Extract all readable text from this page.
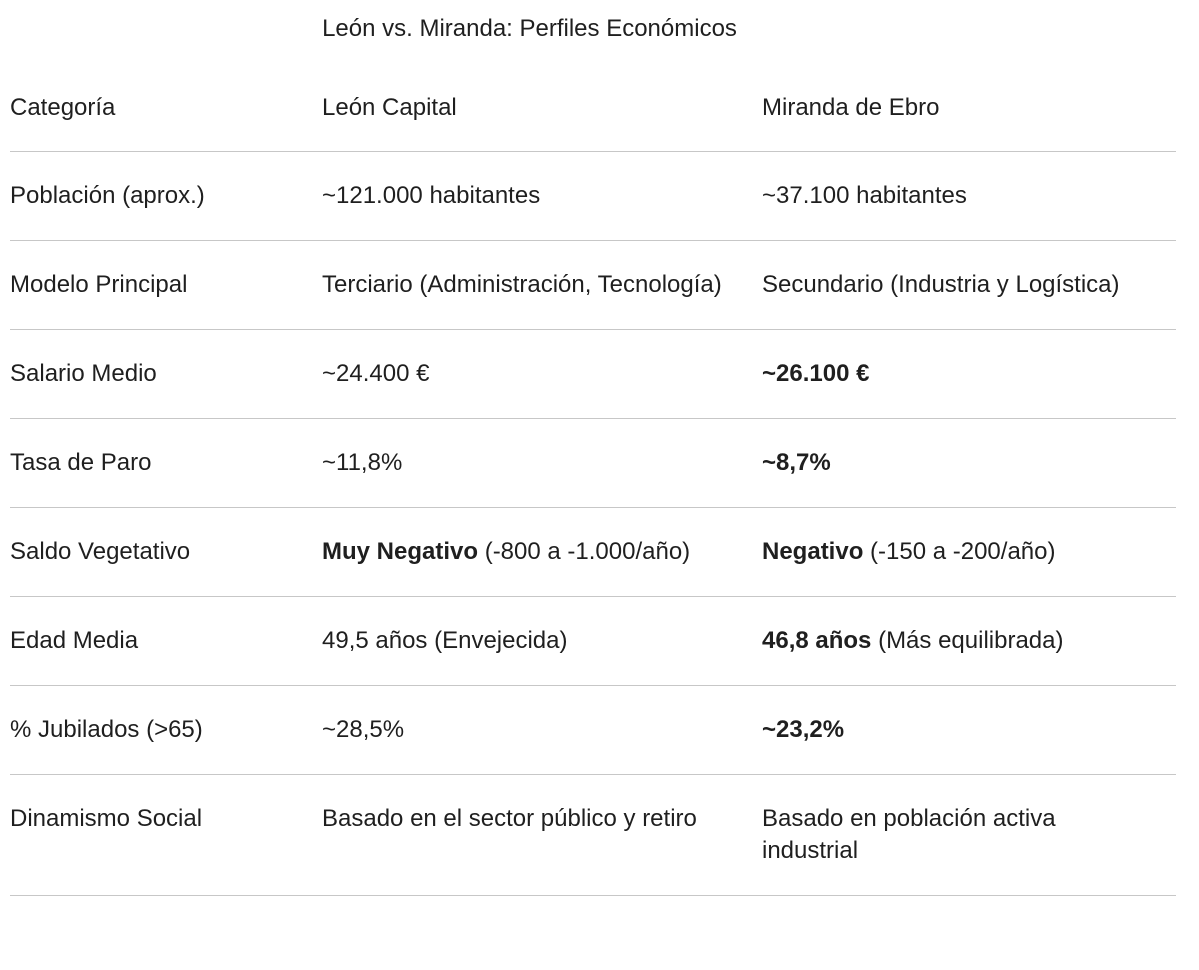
León vs. Miranda: Perfiles Económicos
Categoría	León Capital	Miranda de Ebro
Población (aprox.)	~121.000 habitantes	~37.100 habitantes

Modelo Principal	Terciario (Administración, Tecnología)	Secundario (Industria y Logística)

Salario Medio	~24.400 €	~26.100 €

Tasa de Paro	~11,8%	~8,7%

Saldo Vegetativo	Muy Negativo (-800 a -1.000/año)	Negativo (-150 a -200/año)

Edad Media	49,5 años (Envejecida)	46,8 años (Más equilibrada)

% Jubilados (>65)	~28,5%	~23,2%

Dinamismo Social	Basado en el sector público y retiro	Basado en población activa industrial
